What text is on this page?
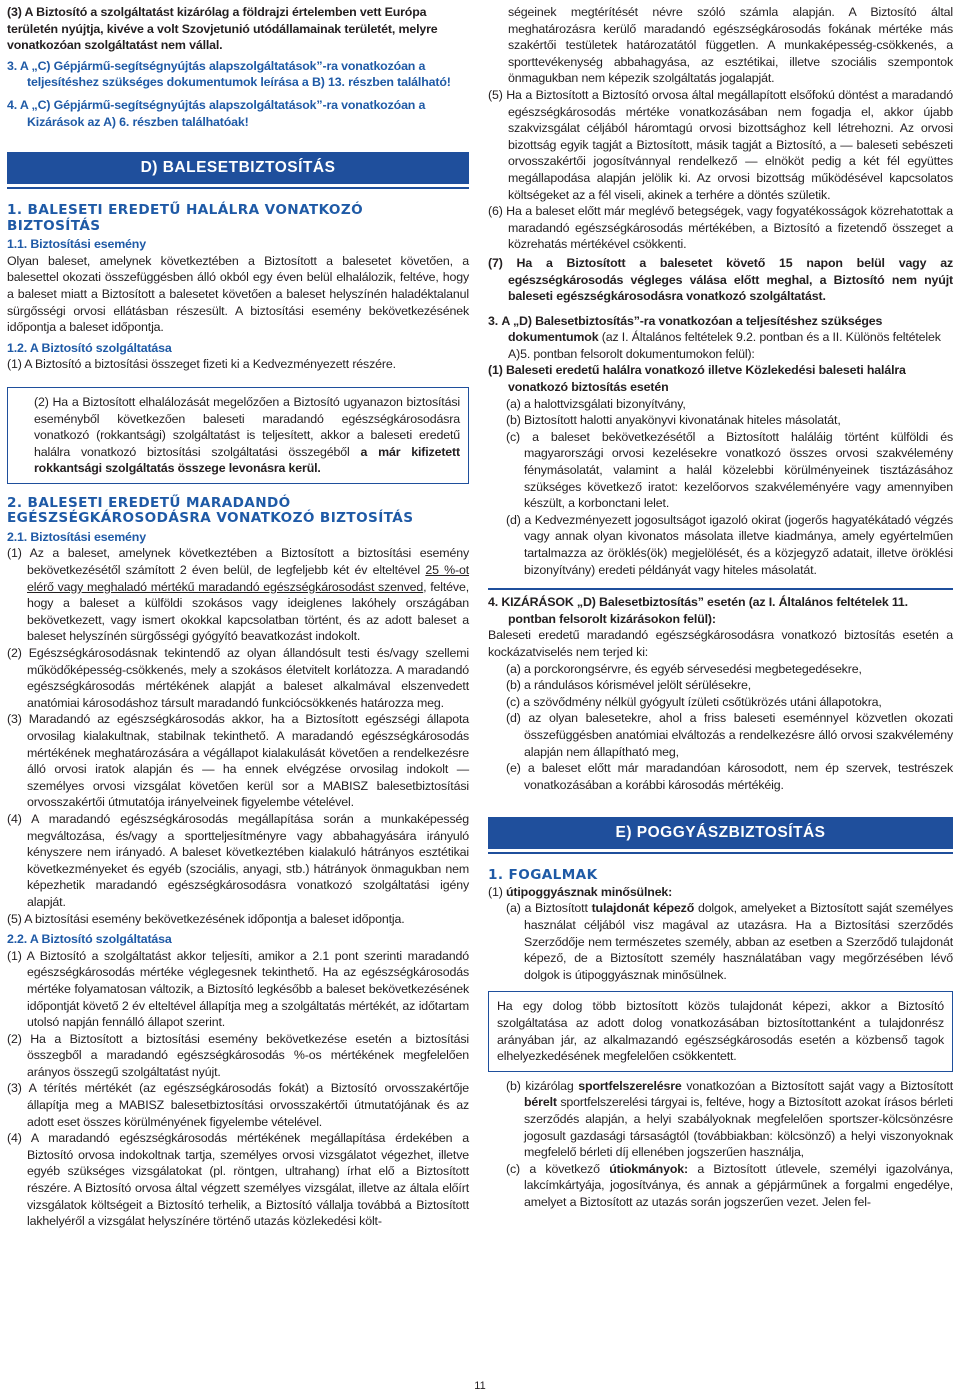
(3) A Biztosító a szolgáltatást kizárólag a földrajzi értelemben vett Európa területén nyújtja, kivéve a volt Szovjetunió utódállamainak területét, melyre vonatkozóan szolgáltatást nem vállal.

3. A „C) Gépjármű-segítségnyújtás alapszolgáltatások”-ra vonatkozóan a teljesítéshez szükséges dokumentumok leírása a B) 13. részben található!

4. A „C) Gépjármű-segítségnyújtás alapszolgáltatások”-ra vonatkozóan a Kizárások az A) 6. részben találhatóak!

D) BALESETBIZTOSÍTÁS

1. BALESETI EREDETŰ HALÁLRA VONATKOZÓ BIZTOSÍTÁS

1.1. Biztosítási esemény

Olyan baleset, amelynek következtében a Biztosított a balesetet követően, a balesettel okozati összefüggésben álló okból egy éven belül elhalálozik, feltéve, hogy a baleset miatt a Biztosított a balesetet követően a baleset helyszínén haladéktalanul sürgősségi orvosi ellátásban részesült. A biztosítási esemény bekövetkezésének időpontja a baleset időpontja.

1.2. A Biztosító szolgáltatása

(1) A Biztosító a biztosítási összeget fizeti ki a Kedvezményezett részére.

(2) Ha a Biztosított elhalálozását megelőzően a Biztosító ugyanazon biztosítási eseményből következően baleseti maradandó egészségkárosodásra vonatkozó (rokkantsági) szolgáltatást is teljesített, akkor a baleseti eredetű halálra vonatkozó biztosítási szolgáltatási összegéből a már kifizetett rokkantsági szolgáltatás összege levonásra kerül.

2. BALESETI EREDETŰ MARADANDÓ EGÉSZSÉGKÁROSODÁSRA VONATKOZÓ BIZTOSÍTÁS

2.1. Biztosítási esemény

(1) Az a baleset, amelynek következtében a Biztosított a biztosítási esemény bekövetkezésétől számított 2 éven belül, de legfeljebb két év elteltével 25 %-ot elérő vagy meghaladó mértékű maradandó egészségkárosodást szenved, feltéve, hogy a baleset a külföldi szokásos vagy ideiglenes lakóhely országában bekövetkezett, vagy ismert okokkal kapcsolatban történt, és az adott baleset a baleset helyszínén sürgősségi gyógyító beavatkozást indokolt.

(2) Egészségkárosodásnak tekintendő az olyan állandósult testi és/vagy szellemi működőképesség-csökkenés, mely a szokásos életvitelt korlátozza. A maradandó egészségkárosodás mértékének alapját a baleset alkalmával elszenvedett anatómiai károsodáshoz társult maradandó funkciócsökkenés határozza meg.

(3) Maradandó az egészségkárosodás akkor, ha a Biztosított egészségi állapota orvosilag kialakultnak, stabilnak tekinthető. A maradandó egészségkárosodás mértékének meghatározására a végállapot kialakulását követően a rendelkezésre álló orvosi iratok alapján és — ha ennek elvégzése orvosilag indokolt — személyes orvosi vizsgálat követően kerül sor a MABISZ balesetbiztosítási orvosszakértői útmutatója irányelveinek figyelembe vételével.

(4) A maradandó egészségkárosodás megállapítása során a munkaképesség megváltozása, és/vagy a sportteljesítményre vagy abbahagyására irányuló kényszere nem irányadó. A baleset következtében kialakuló hátrányos esztétikai következményeket és egyéb (szociális, anyagi, stb.) hátrányok önmagukban nem képezhetik maradandó egészségkárosodásra vonatkozó szolgáltatási igény alapját.

(5) A biztosítási esemény bekövetkezésének időpontja a baleset időpontja.

2.2. A Biztosító szolgáltatása

(1) A Biztosító a szolgáltatást akkor teljesíti, amikor a 2.1 pont szerinti maradandó egészségkárosodás mértéke véglegesnek tekinthető. Ha az egészségkárosodás mértéke folyamatosan változik, a Biztosító legkésőbb a baleset bekövetkezésének időpontját követő 2 év elteltével állapítja meg a szolgáltatás mértékét, az időtartam utolsó napján fennálló állapot szerint.

(2) Ha a Biztosított a biztosítási esemény bekövetkezése esetén a biztosítási összegből a maradandó egészségkárosodás %-os mértékének megfelelően arányos összegű szolgáltatást nyújt.

(3) A térítés mértékét (az egészségkárosodás fokát) a Biztosító orvosszakértője állapítja meg a MABISZ balesetbiztosítási orvosszakértői útmutatójának és az adott eset összes körülményének figyelembe vételével.

(4) A maradandó egészségkárosodás mértékének megállapítása érdekében a Biztosító orvosa indokoltnak tartja, személyes orvosi vizsgálatot végezhet, illetve egyéb szükséges vizsgálatokat (pl. röntgen, ultrahang) írhat elő a Biztosított részére. A Biztosító orvosa által végzett személyes vizsgálat, illetve az általa előírt vizsgálatok költségeit a Biztosító terhelik, a Biztosító vállalja továbbá a Biztosított lakhelyéről a vizsgálat helyszínére történő utazás közlekedési költ-

ségeinek megtérítését névre szóló számla alapján. A Biztosító által meghatározásra kerülő maradandó egészségkárosodás fokának mértéke más szakértői testületek határozatától független. A munkaképesség-csökkenés, a sporttevékenység abbahagyása, az esztétikai, illetve szociális szempontok önmagukban nem képezik szolgáltatás jogalapját.

(5) Ha a Biztosított a Biztosító orvosa által megállapított elsőfokú döntést a maradandó egészségkárosodás mértéke vonatkozásában nem fogadja el, akkor újabb szakvizsgálat céljából háromtagú orvosi bizottsághoz kell létrehozni. Az orvosi bizottság egyik tagját a Biztosított, másik tagját a Biztosító, a — baleseti sebészeti orvosszakértői jogosítvánnyal rendelkező — elnököt pedig a két fél együttes megállapodása alapján jelölik ki. Az orvosi bizottság működésével kapcsolatos költségeket az a fél viseli, akinek a terhére a döntés születik.

(6) Ha a baleset előtt már meglévő betegségek, vagy fogyatékosságok közrehatottak a maradandó egészségkárosodás mértékében, a Biztosító a fizetendő összeget a közrehatás mértékével csökkenti.

(7) Ha a Biztosított a balesetet követő 15 napon belül vagy az egészségkárosodás végleges válása előtt meghal, a Biztosító nem nyújt baleseti egészségkárosodásra vonatkozó szolgáltatást.

3. A „D) Balesetbiztosítás”-ra vonatkozóan a teljesítéshez szükséges dokumentumok (az I. Általános feltételek 9.2. pontban és a II. Különös feltételek A)5. pontban felsorolt dokumentumokon felül):

(1) Baleseti eredetű halálra vonatkozó illetve Közlekedési baleseti halálra vonatkozó biztosítás esetén

(a) a halottvizsgálati bizonyítvány,

(b) Biztosított halotti anyakönyvi kivonatának hiteles másolatát,

(c) a baleset bekövetkezésétől a Biztosított haláláig történt külföldi és magyarországi orvosi kezelésekre vonatkozó összes orvosi szakvélemény fénymásolatát, valamint a halál közelebbi körülményeinek tisztázásához szükséges következő iratot: kezelőorvos szakvéleményére vagy amennyiben készült, a korbonctani lelet.

(d) a Kedvezményezett jogosultságot igazoló okirat (jogerős hagyatékátadó végzés vagy annak olyan kivonatos másolata illetve kiadmánya, amely egyértelműen tartalmazza az öröklés(ök) megjelölését, és a közjegyző adatait, illetve öröklési bizonyítvány) eredeti példányát vagy hiteles másolatát.

4. KIZÁRÁSOK „D) Balesetbiztosítás” esetén (az I. Általános feltételek 11. pontban felsorolt kizárásokon felül):

Baleseti eredetű maradandó egészségkárosodásra vonatkozó biztosítás esetén a kockázatviselés nem terjed ki:

(a) a porckorongsérvre, és egyéb sérvesedési megbetegedésekre,

(b) a rándulásos kórismével jelölt sérülésekre,

(c) a szövődmény nélkül gyógyult ízületi csőtükrözés utáni állapotokra,

(d) az olyan balesetekre, ahol a friss baleseti eseménnyel közvetlen okozati összefüggésben anatómiai elváltozás a rendelkezésre álló orvosi szakvélemény alapján nem állapítható meg,

(e) a baleset előtt már maradandóan károsodott, nem ép szervek, testrészek vonatkozásában a korábbi károsodás mértékéig.

E) POGGYÁSZBIZTOSÍTÁS

1. FOGALMAK

(1) útipoggyásznak minősülnek:

(a) a Biztosított tulajdonát képező dolgok, amelyeket a Biztosított saját személyes használat céljából visz magával az utazásra. Ha a Biztosítási szerződés Szerződője nem természetes személy, abban az esetben a Szerződő tulajdonát képező, de a Biztosított személy használatában vagy megőrzésében lévő dolgok is útipoggyásznak minősülnek.

Ha egy dolog több biztosított közös tulajdonát képezi, akkor a Biztosító szolgáltatása az adott dolog vonatkozásában biztosítottanként a tulajdonrész arányában jár, az alkalmazandó egészségkárosodás esetén a közbenső tagok elhelyezkedésének megfelelően csökkentett.

(b) kizárólag sportfelszerelésre vonatkozóan a Biztosított saját vagy a Biztosított bérelt sportfelszerelési tárgyai is, feltéve, hogy a Biztosított azokat írásos bérleti szerződés alapján, a helyi szabályoknak megfelelően sportszer-kölcsönzésre jogosult gazdasági társaságtól (továbbiakban: kölcsönző) a helyi viszonyoknak megfelelő bérleti díj ellenében jogszerűen használja,

(c) a következő útiokmányok: a Biztosított útlevele, személyi igazolványa, lakcímkártyája, jogosítványa, és annak a gépjárműnek a forgalmi engedélye, amelyet a Biztosított az utazás során jogszerűen vezet. Jelen fel-

11
